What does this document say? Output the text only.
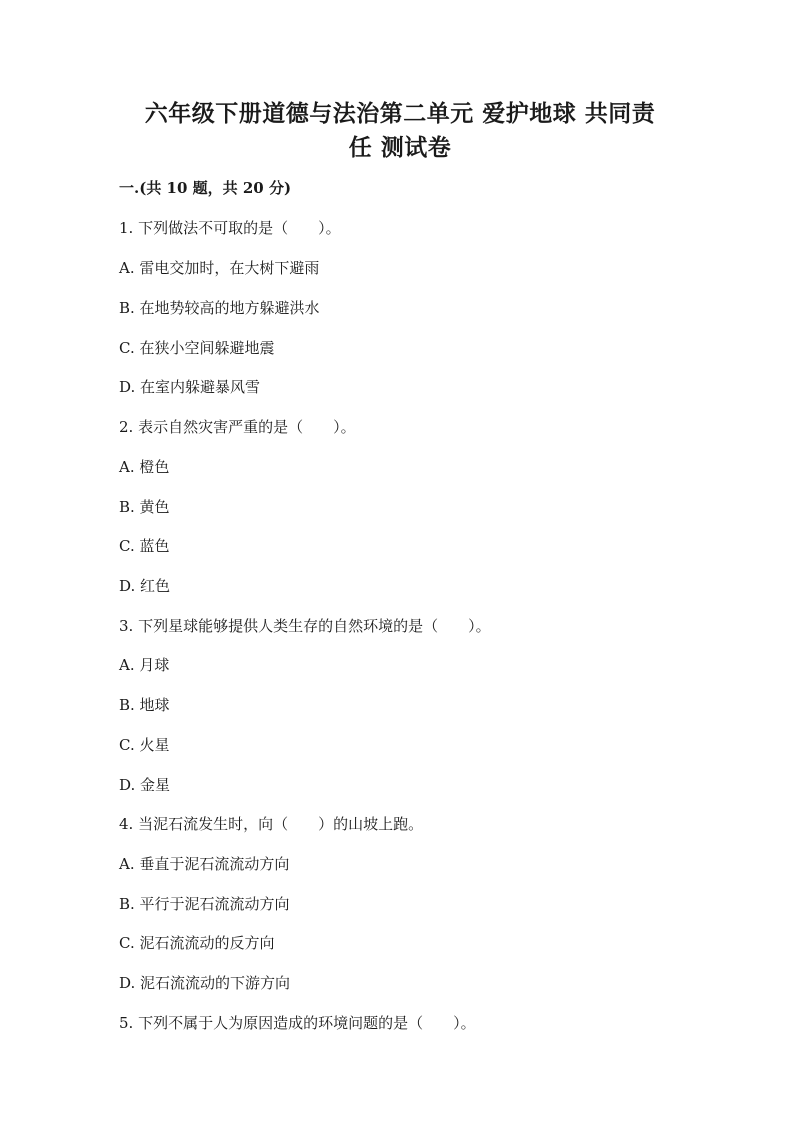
六年级下册道德与法治第二单元 爱护地球 共同责
任 测试卷
一.(共 10 题，共 20 分)
1. 下列做法不可取的是（　　）。
A. 雷电交加时，在大树下避雨
B. 在地势较高的地方躲避洪水
C. 在狭小空间躲避地震
D. 在室内躲避暴风雪
2. 表示自然灾害严重的是（　　）。
A. 橙色
B. 黄色
C. 蓝色
D. 红色
3. 下列星球能够提供人类生存的自然环境的是（　　）。
A. 月球
B. 地球
C. 火星
D. 金星
4. 当泥石流发生时，向（　　）的山坡上跑。
A. 垂直于泥石流流动方向
B. 平行于泥石流流动方向
C. 泥石流流动的反方向
D. 泥石流流动的下游方向
5. 下列不属于人为原因造成的环境问题的是（　　）。
